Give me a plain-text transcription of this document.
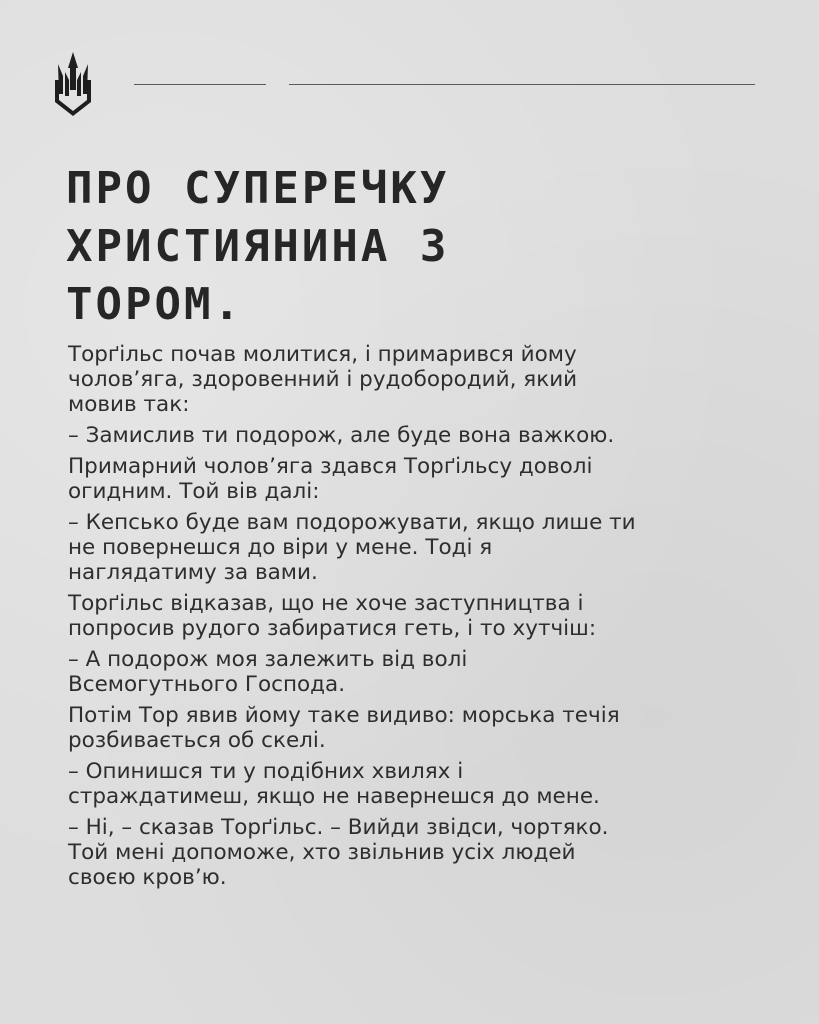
ПРО СУПЕРЕЧКУ
ХРИСТИЯНИНА З
ТОРОМ.

Торґільс почав молитися, і примарився йому
чолов’яга, здоровенний і рудобородий, який
мовив так:

– Замислив ти подорож, але буде вона важкою.

Примарний чолов’яга здався Торґільсу доволі
огидним. Той вів далі:

– Кепсько буде вам подорожувати, якщо лише ти
не повернешся до віри у мене. Тоді я
наглядатиму за вами.

Торґільс відказав, що не хоче заступництва і
попросив рудого забиратися геть, і то хутчіш:

– А подорож моя залежить від волі
Всемогутнього Господа.

Потім Тор явив йому таке видиво: морська течія
розбивається об скелі.

– Опинишся ти у подібних хвилях і
страждатимеш, якщо не навернешся до мене.

– Ні, – сказав Торґільс. – Вийди звідси, чортяко.
Той мені допоможе, хто звільнив усіх людей
своєю кров’ю.
